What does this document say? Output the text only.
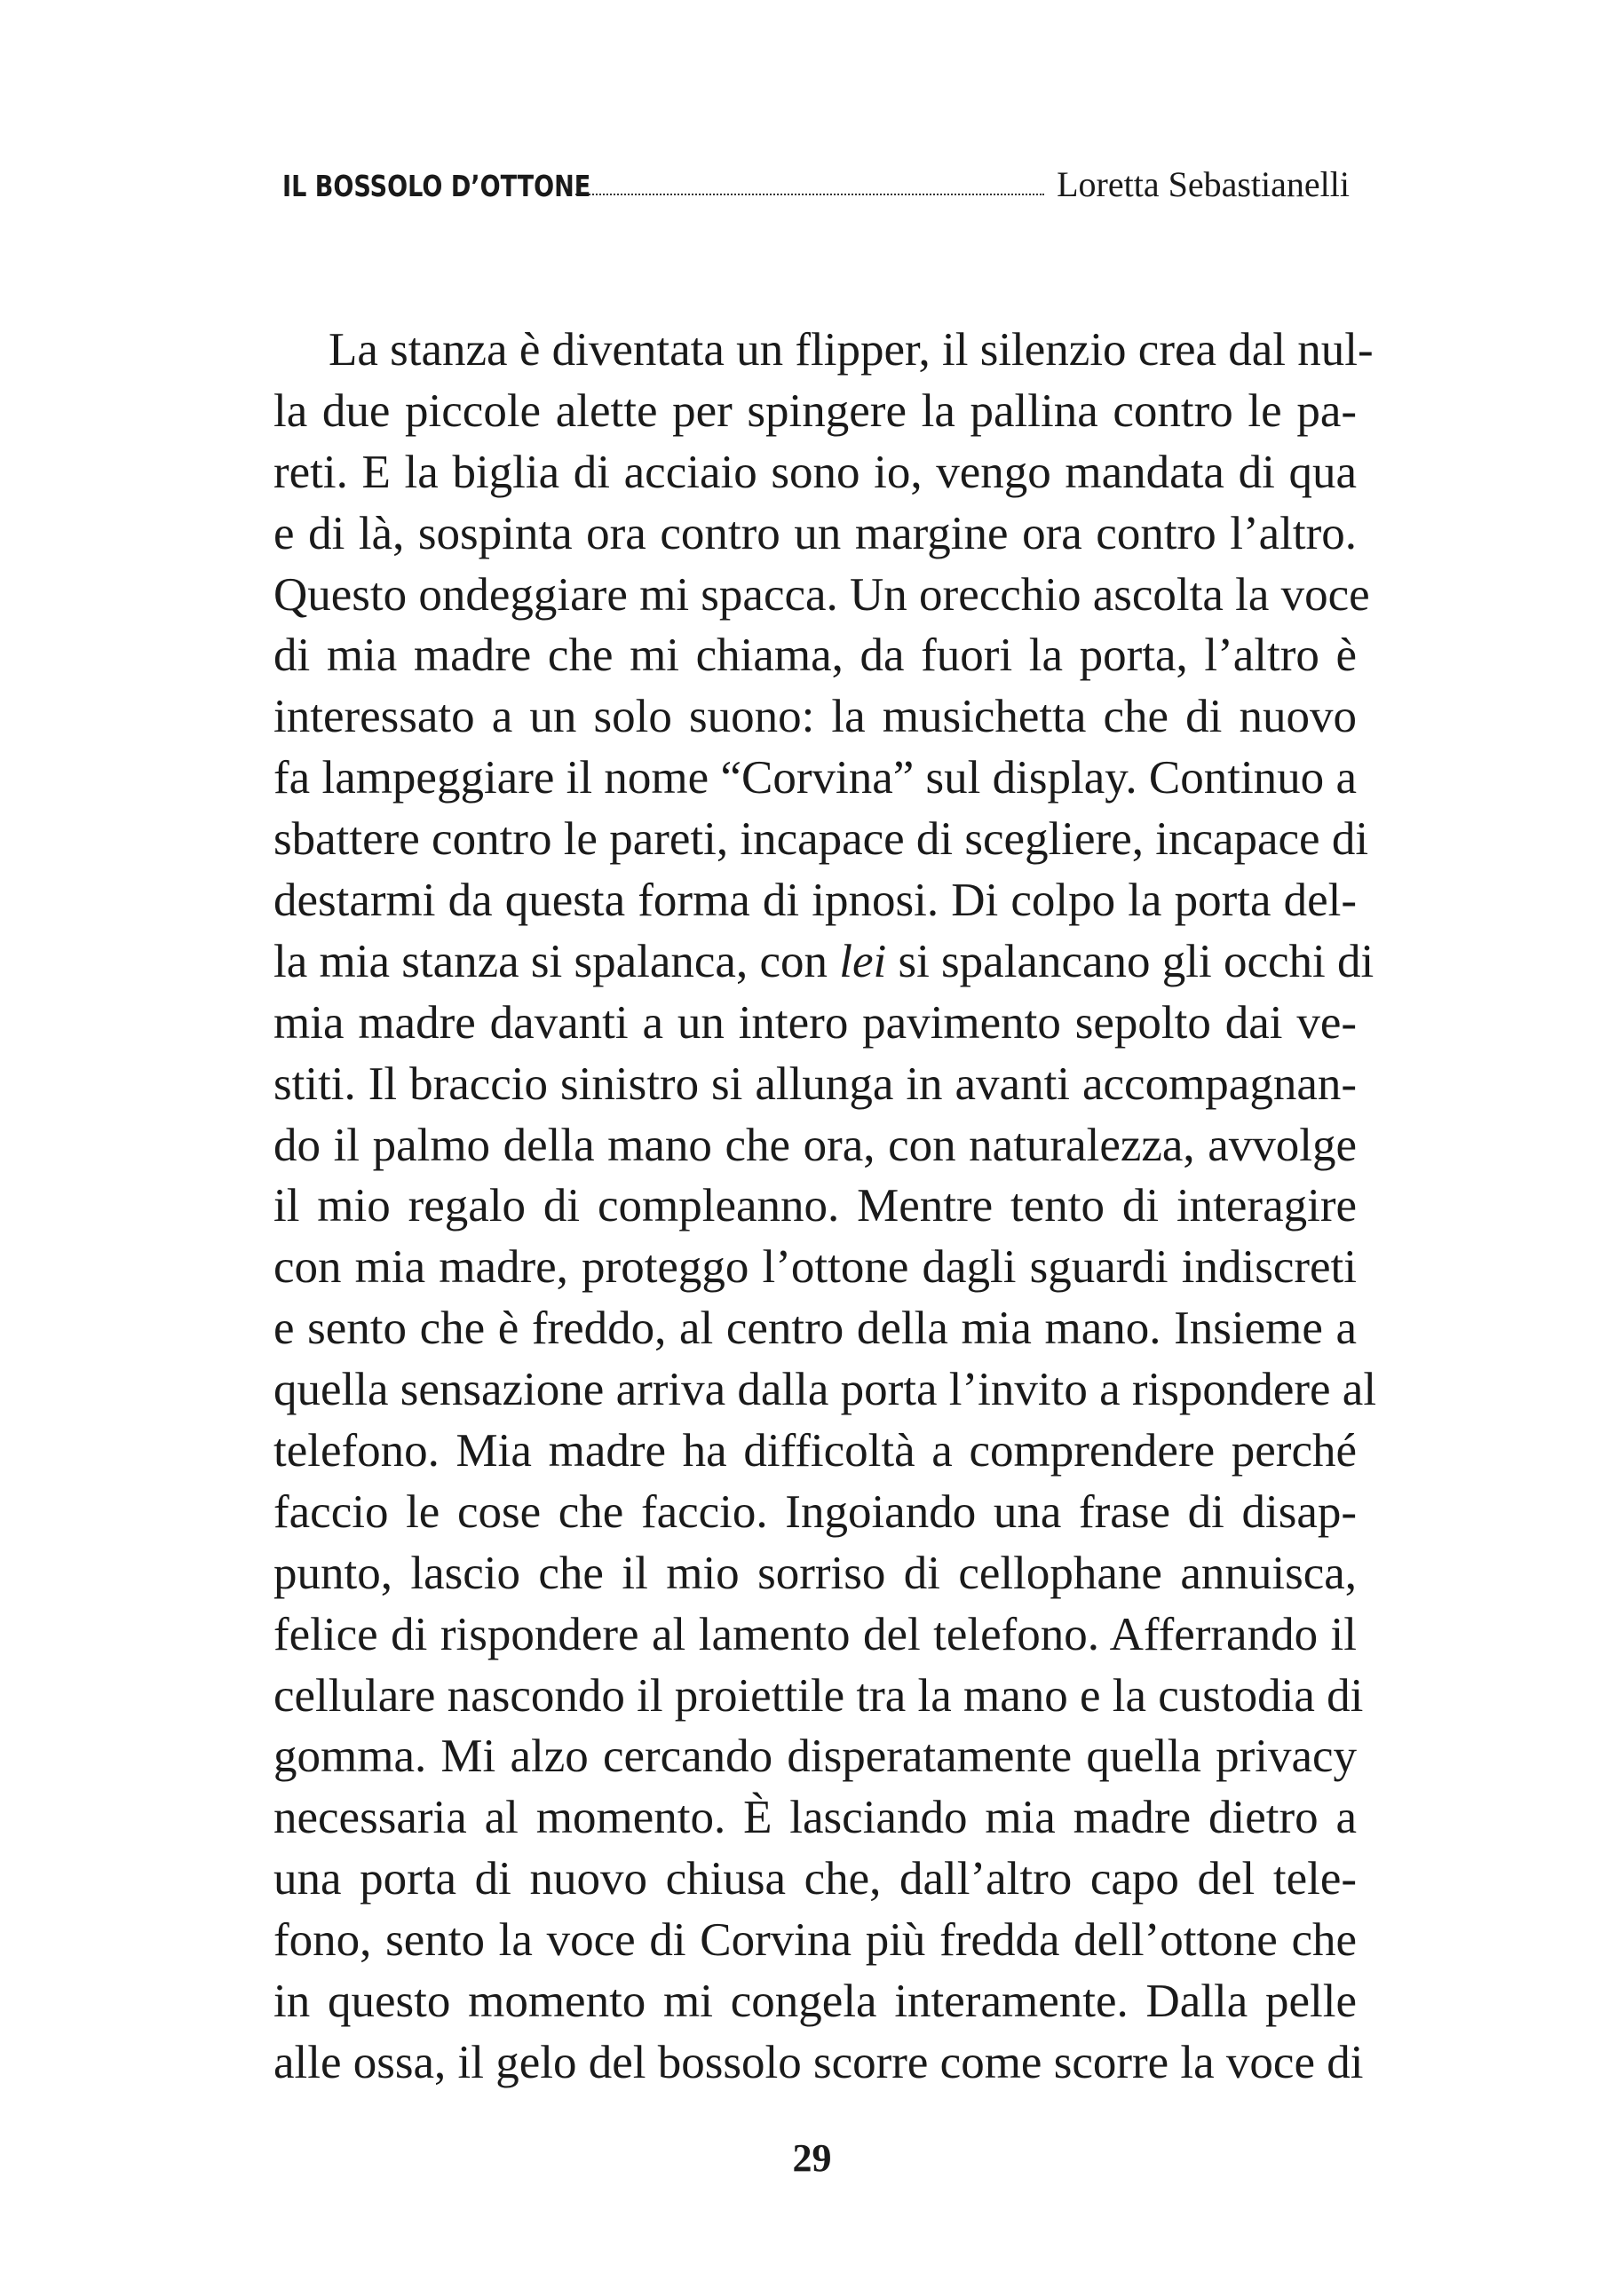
IL BOSSOLO D’OTTONE	Loretta Sebastianelli
La stanza è diventata un flipper, il silenzio crea dal nul-
la due piccole alette per spingere la pallina contro le pa-
reti. E la biglia di acciaio sono io, vengo mandata di qua
e di là, sospinta ora contro un margine ora contro l’altro.
Questo ondeggiare mi spacca. Un orecchio ascolta la voce
di mia madre che mi chiama, da fuori la porta, l’altro è
interessato a un solo suono: la musichetta che di nuovo
fa lampeggiare il nome “Corvina” sul display. Continuo a
sbattere contro le pareti, incapace di scegliere, incapace di
destarmi da questa forma di ipnosi. Di colpo la porta del-
la mia stanza si spalanca, con lei si spalancano gli occhi di
mia madre davanti a un intero pavimento sepolto dai ve-
stiti. Il braccio sinistro si allunga in avanti accompagnan-
do il palmo della mano che ora, con naturalezza, avvolge
il mio regalo di compleanno. Mentre tento di interagire
con mia madre, proteggo l’ottone dagli sguardi indiscreti
e sento che è freddo, al centro della mia mano. Insieme a
quella sensazione arriva dalla porta l’invito a rispondere al
telefono. Mia madre ha difficoltà a comprendere perché
faccio le cose che faccio. Ingoiando una frase di disap-
punto, lascio che il mio sorriso di cellophane annuisca,
felice di rispondere al lamento del telefono. Afferrando il
cellulare nascondo il proiettile tra la mano e la custodia di
gomma. Mi alzo cercando disperatamente quella privacy
necessaria al momento. È lasciando mia madre dietro a
una porta di nuovo chiusa che, dall’altro capo del tele-
fono, sento la voce di Corvina più fredda dell’ottone che
in questo momento mi congela interamente. Dalla pelle
alle ossa, il gelo del bossolo scorre come scorre la voce di
29
